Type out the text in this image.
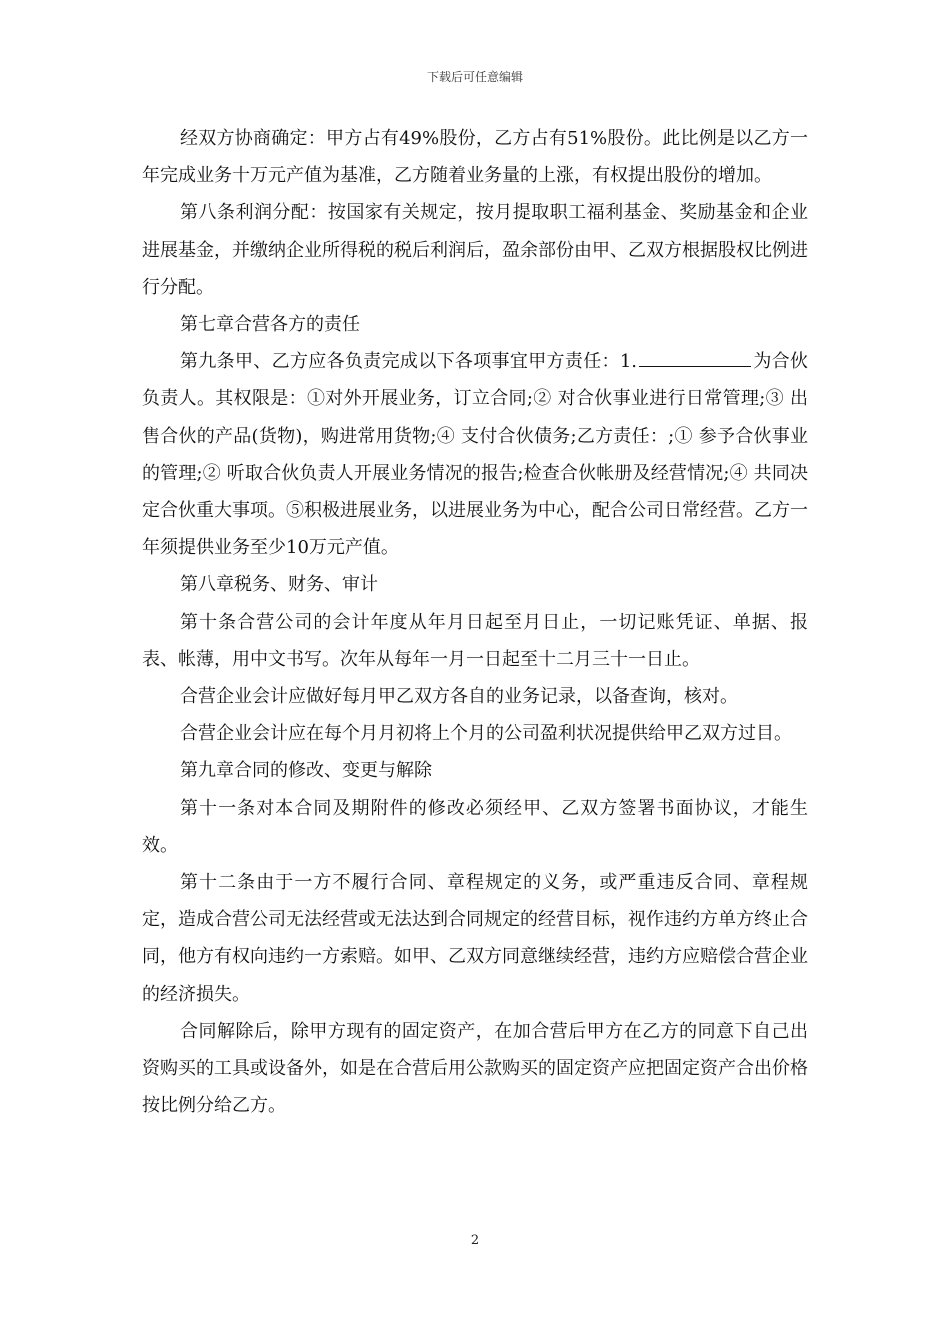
下载后可任意编辑

经双方协商确定：甲方占有49%股份，乙方占有51%股份。此比例是以乙方一年完成业务十万元产值为基准，乙方随着业务量的上涨，有权提出股份的增加。

第八条利润分配：按国家有关规定，按月提取职工福利基金、奖励基金和企业进展基金，并缴纳企业所得税的税后利润后，盈余部份由甲、乙双方根据股权比例进行分配。

第七章合营各方的责任

第九条甲、乙方应各负责完成以下各项事宜甲方责任：1.	为合伙负责人。其权限是：①对外开展业务，订立合同;② 对合伙事业进行日常管理;③ 出售合伙的产品(货物)，购进常用货物;④ 支付合伙债务;乙方责任：;① 参予合伙事业的管理;② 听取合伙负责人开展业务情况的报告;检查合伙帐册及经营情况;④ 共同决定合伙重大事项。⑤积极进展业务，以进展业务为中心，配合公司日常经营。乙方一年须提供业务至少10万元产值。

第八章税务、财务、审计

第十条合营公司的会计年度从年月日起至月日止，一切记账凭证、单据、报表、帐薄，用中文书写。次年从每年一月一日起至十二月三十一日止。

合营企业会计应做好每月甲乙双方各自的业务记录，以备查询，核对。

合营企业会计应在每个月月初将上个月的公司盈利状况提供给甲乙双方过目。

第九章合同的修改、变更与解除

第十一条对本合同及期附件的修改必须经甲、乙双方签署书面协议，才能生效。

第十二条由于一方不履行合同、章程规定的义务，或严重违反合同、章程规定，造成合营公司无法经营或无法达到合同规定的经营目标，视作违约方单方终止合同，他方有权向违约一方索赔。如甲、乙双方同意继续经营，违约方应赔偿合营企业的经济损失。

合同解除后，除甲方现有的固定资产，在加合营后甲方在乙方的同意下自己出资购买的工具或设备外，如是在合营后用公款购买的固定资产应把固定资产合出价格按比例分给乙方。

2
